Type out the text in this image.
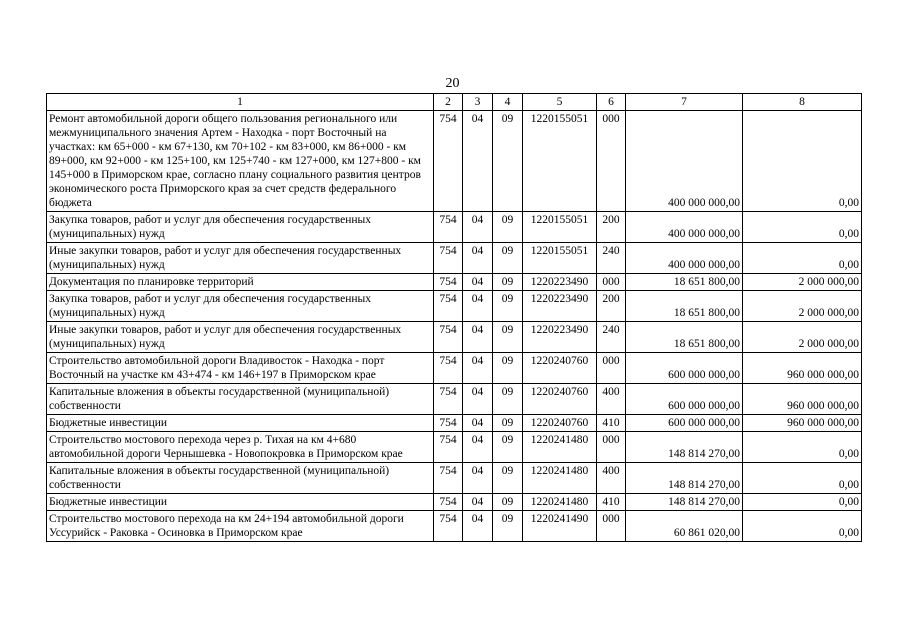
20
1	2	3	4	5	6	7	8
Ремонт автомобильной дороги общего пользования регионального или межмуниципального значения Артем - Находка - порт Восточный на участках: км 65+000 - км 67+130, км 70+102 - км 83+000, км 86+000 - км 89+000, км 92+000 - км 125+100, км 125+740 - км 127+000, км 127+800 - км 145+000 в Приморском крае, согласно плану социального развития центров экономического роста Приморского края за счет средств федерального бюджета	754	04	09	1220155051	000	400 000 000,00	0,00
Закупка товаров, работ и услуг для обеспечения государственных (муниципальных) нужд	754	04	09	1220155051	200	400 000 000,00	0,00
Иные закупки товаров, работ и услуг для обеспечения государственных (муниципальных) нужд	754	04	09	1220155051	240	400 000 000,00	0,00
Документация по планировке территорий	754	04	09	1220223490	000	18 651 800,00	2 000 000,00
Закупка товаров, работ и услуг для обеспечения государственных (муниципальных) нужд	754	04	09	1220223490	200	18 651 800,00	2 000 000,00
Иные закупки товаров, работ и услуг для обеспечения государственных (муниципальных) нужд	754	04	09	1220223490	240	18 651 800,00	2 000 000,00
Строительство автомобильной дороги Владивосток - Находка - порт Восточный на участке км 43+474 - км 146+197 в Приморском крае	754	04	09	1220240760	000	600 000 000,00	960 000 000,00
Капитальные вложения в объекты государственной (муниципальной) собственности	754	04	09	1220240760	400	600 000 000,00	960 000 000,00
Бюджетные инвестиции	754	04	09	1220240760	410	600 000 000,00	960 000 000,00
Строительство мостового перехода через р. Тихая на км 4+680 автомобильной дороги Чернышевка - Новопокровка в Приморском крае	754	04	09	1220241480	000	148 814 270,00	0,00
Капитальные вложения в объекты государственной (муниципальной) собственности	754	04	09	1220241480	400	148 814 270,00	0,00
Бюджетные инвестиции	754	04	09	1220241480	410	148 814 270,00	0,00
Строительство мостового перехода на км 24+194 автомобильной дороги Уссурийск - Раковка - Осиновка в Приморском крае	754	04	09	1220241490	000	60 861 020,00	0,00
